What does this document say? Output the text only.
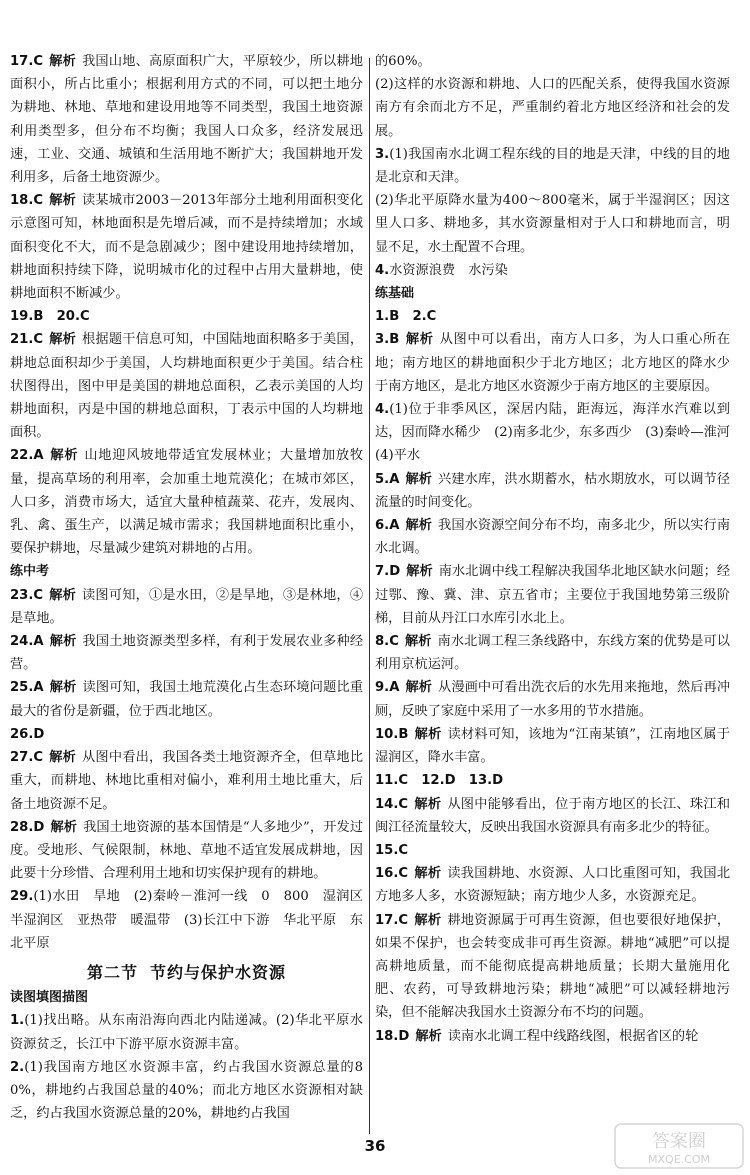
17.C 解析 我国山地、高原面积广大，平原较少，所以耕地面积小，所占比重小；根据利用方式的不同，可以把土地分为耕地、林地、草地和建设用地等不同类型，我国土地资源利用类型多，但分布不均衡；我国人口众多，经济发展迅速，工业、交通、城镇和生活用地不断扩大；我国耕地开发利用多，后备土地资源少。

18.C 解析 读某城市2003－2013年部分土地利用面积变化示意图可知，林地面积是先增后减，而不是持续增加；水域面积变化不大，而不是急剧减少；图中建设用地持续增加，耕地面积持续下降，说明城市化的过程中占用大量耕地，使耕地面积不断减少。

19.B　 20.C

21.C 解析 根据题干信息可知，中国陆地面积略多于美国，耕地总面积却少于美国，人均耕地面积更少于美国。结合柱状图得出，图中甲是美国的耕地总面积，乙表示美国的人均耕地面积，丙是中国的耕地总面积，丁表示中国的人均耕地面积。

22.A 解析 山地迎风坡地带适宜发展林业；大量增加放牧量，提高草场的利用率，会加重土地荒漠化；在城市郊区，人口多，消费市场大，适宜大量种植蔬菜、花卉，发展肉、乳、禽、蛋生产，以满足城市需求；我国耕地面积比重小，要保护耕地，尽量减少建筑对耕地的占用。

练中考

23.C 解析 读图可知，①是水田，②是旱地，③是林地，④是草地。

24.A 解析 我国土地资源类型多样，有利于发展农业多种经营。

25.A 解析 读图可知，我国土地荒漠化占生态环境问题比重最大的省份是新疆，位于西北地区。

26.D

27.C 解析 从图中看出，我国各类土地资源齐全，但草地比重大，而耕地、林地比重相对偏小，难利用土地比重大，后备土地资源不足。

28.D 解析 我国土地资源的基本国情是“人多地少”，开发过度。受地形、气候限制，林地、草地不适宜发展成耕地，因此要十分珍惜、合理利用土地和切实保护现有的耕地。

29.(1)水田　旱地　(2)秦岭－淮河一线　0　800　湿润区　半湿润区　亚热带　暖温带　(3)长江中下游　华北平原　东北平原

第二节 节约与保护水资源

读图填图描图

1.(1)找出略。从东南沿海向西北内陆递减。(2)华北平原水资源贫乏，长江中下游平原水资源丰富。

2.(1)我国南方地区水资源丰富，约占我国水资源总量的80%，耕地约占我国总量的40%；而北方地区水资源相对缺乏，约占我国水资源总量的20%，耕地约占我国

的60%。

(2)这样的水资源和耕地、人口的匹配关系，使得我国水资源南方有余而北方不足，严重制约着北方地区经济和社会的发展。

3.(1)我国南水北调工程东线的目的地是天津，中线的目的地是北京和天津。

(2)华北平原降水量为400～800毫米，属于半湿润区；因这里人口多、耕地多，其水资源量相对于人口和耕地而言，明显不足，水土配置不合理。

4.水资源浪费　水污染

练基础

1.B　 2.C

3.B 解析 从图中可以看出，南方人口多，为人口重心所在地；南方地区的耕地面积少于北方地区；北方地区的降水少于南方地区，是北方地区水资源少于南方地区的主要原因。

4.(1)位于非季风区，深居内陆，距海远，海洋水汽难以到达，因而降水稀少　(2)南多北少，东多西少　(3)秦岭—淮河　(4)平水

5.A 解析 兴建水库，洪水期蓄水，枯水期放水，可以调节径流量的时间变化。

6.A 解析 我国水资源空间分布不均，南多北少，所以实行南水北调。

7.D 解析 南水北调中线工程解决我国华北地区缺水问题；经过鄂、豫、冀、津、京五省市；主要位于我国地势第三级阶梯，目前从丹江口水库引水北上。

8.C 解析 南水北调工程三条线路中，东线方案的优势是可以利用京杭运河。

9.A 解析 从漫画中可看出洗衣后的水先用来拖地，然后再冲厕，反映了家庭中采用了一水多用的节水措施。

10.B 解析 读材料可知，该地为“江南某镇”，江南地区属于湿润区，降水丰富。

11.C　 12.D　 13.D

14.C 解析 从图中能够看出，位于南方地区的长江、珠江和闽江径流量较大，反映出我国水资源具有南多北少的特征。

15.C

16.C 解析 读我国耕地、水资源、人口比重图可知，我国北方地多人多，水资源短缺；南方地少人多，水资源充足。

17.C 解析 耕地资源属于可再生资源，但也要很好地保护，如果不保护，也会转变成非可再生资源。耕地“减肥”可以提高耕地质量，而不能彻底提高耕地质量；长期大量施用化肥、农药，可导致耕地污染；耕地“减肥”可以减轻耕地污染，但不能解决我国水土资源分布不均的问题。

18.D 解析 读南水北调工程中线路线图，根据省区的轮

36	答案圈
MXQE.COM
